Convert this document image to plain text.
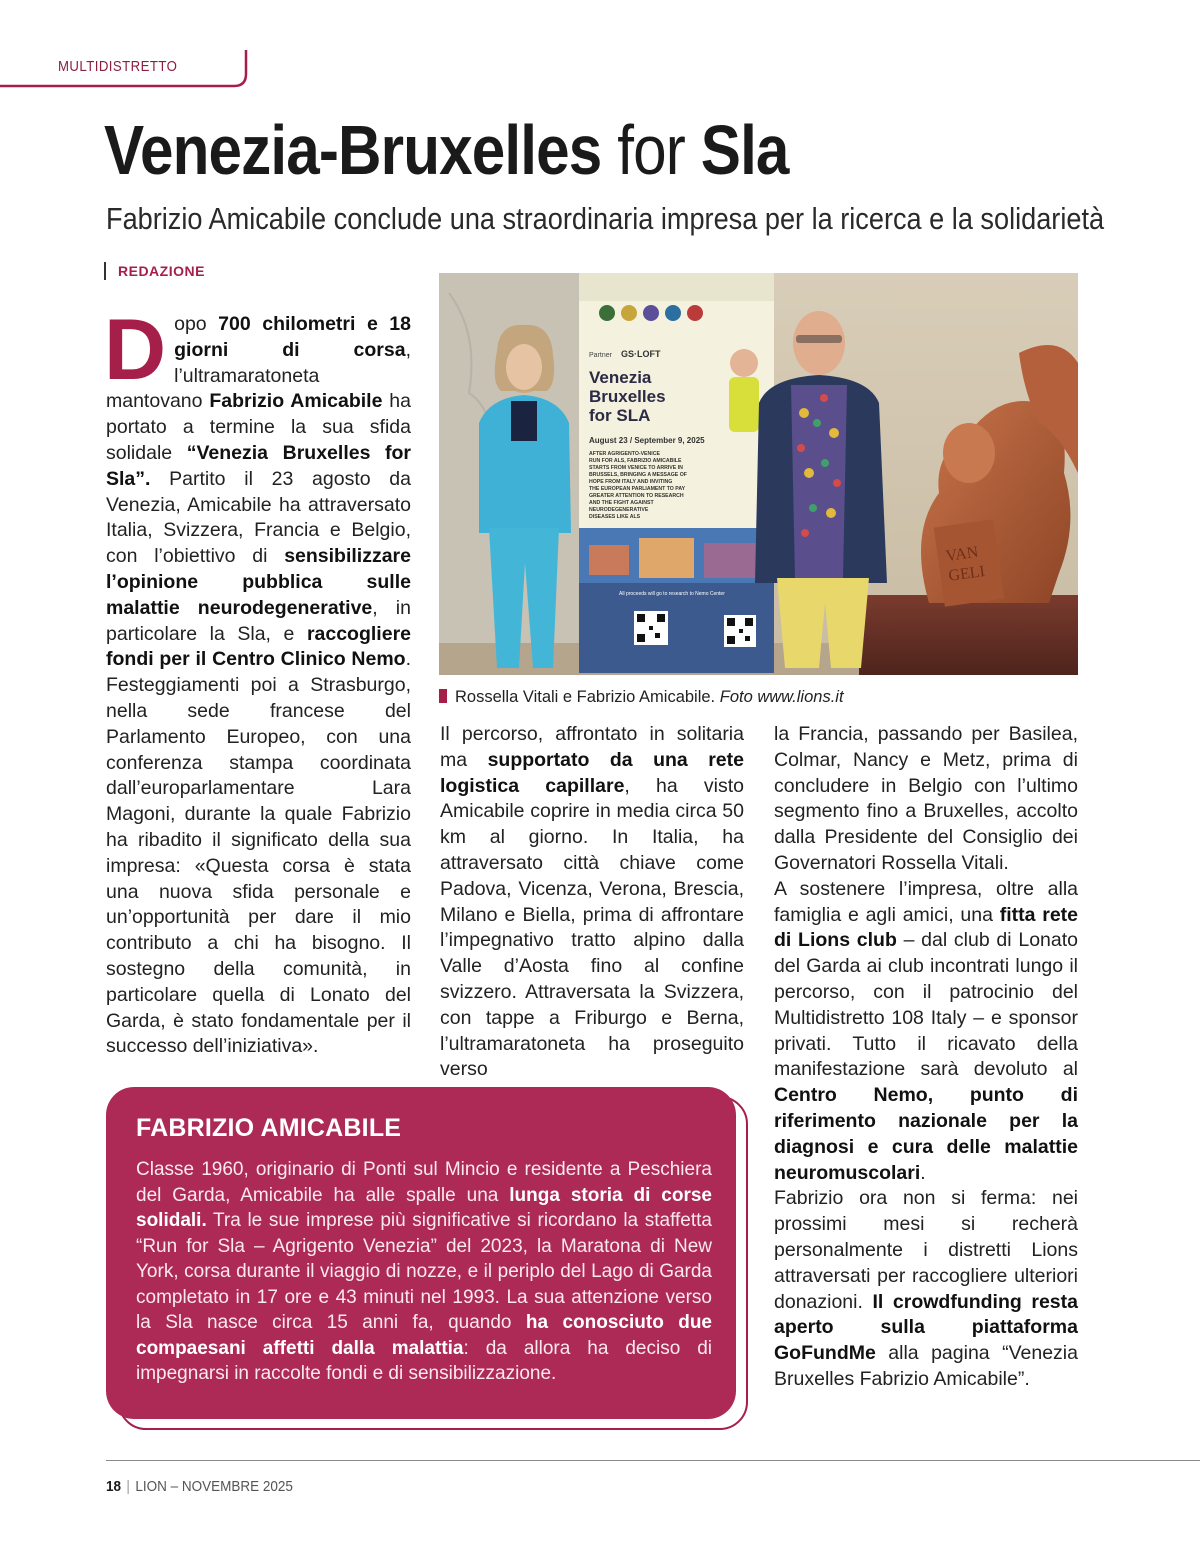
MULTIDISTRETTO
Venezia-Bruxelles for Sla
Fabrizio Amicabile conclude una straordinaria impresa per la ricerca e la solidarietà
REDAZIONE
Dopo 700 chilometri e 18 giorni di corsa, l’ultramaratoneta mantovano Fabrizio Amicabile ha portato a termine la sua sfida solidale “Venezia Bruxelles for Sla”. Partito il 23 agosto da Venezia, Amicabile ha attraversato Italia, Svizzera, Francia e Belgio, con l’obiettivo di sensibilizzare l’opinione pubblica sulle malattie neurodegenerative, in particolare la Sla, e raccogliere fondi per il Centro Clinico Nemo. Festeggiamenti poi a Strasburgo, nella sede francese del Parlamento Europeo, con una conferenza stampa coordinata dall’europarlamentare Lara Magoni, durante la quale Fabrizio ha ribadito il significato della sua impresa: «Questa corsa è stata una nuova sfida personale e un’opportunità per dare il mio contributo a chi ha bisogno. Il sostegno della comunità, in particolare quella di Lonato del Garda, è stato fondamentale per il successo dell’iniziativa».
VAN
GELI
Partner GS·LOFT
Venezia
Bruxelles
for SLA
August 23 / September 9, 2025
AFTER AGRIGENTO-VENICE
RUN FOR ALS, FABRIZIO AMICABILE
STARTS FROM VENICE TO ARRIVE IN
BRUSSELS, BRINGING A MESSAGE OF
HOPE FROM ITALY AND INVITING
THE EUROPEAN PARLIAMENT TO PAY
GREATER ATTENTION TO RESEARCH
AND THE FIGHT AGAINST
NEURODEGENERATIVE
DISEASES LIKE ALS
All proceeds will go to research to Nemo Center
Rossella Vitali e Fabrizio Amicabile. Foto www.lions.it
Il percorso, affrontato in solitaria ma supportato da una rete logistica capillare, ha visto Amicabile coprire in media circa 50 km al giorno. In Italia, ha attraversato città chiave come Padova, Vicenza, Verona, Brescia, Milano e Biella, prima di affrontare l’impegnativo tratto alpino dalla Valle d’Aosta fino al confine svizzero. Attraversata la Svizzera, con tappe a Friburgo e Berna, l’ultramaratoneta ha proseguito verso

la Francia, passando per Basilea, Colmar, Nancy e Metz, prima di concludere in Belgio con l’ultimo segmento fino a Bruxelles, accolto dalla Presidente del Consiglio dei Governatori Rossella Vitali.

A sostenere l’impresa, oltre alla famiglia e agli amici, una fitta rete di Lions club – dal club di Lonato del Garda ai club incontrati lungo il percorso, con il patrocinio del Multidistretto 108 Italy – e sponsor privati. Tutto il ricavato della manifestazione sarà devoluto al Centro Nemo, punto di riferimento nazionale per la diagnosi e cura delle malattie neuromuscolari.

Fabrizio ora non si ferma: nei prossimi mesi si recherà personalmente i distretti Lions attraversati per raccogliere ulteriori donazioni. Il crowdfunding resta aperto sulla piattaforma GoFundMe alla pagina “Venezia Bruxelles Fabrizio Amicabile”.

FABRIZIO AMICABILE
Classe 1960, originario di Ponti sul Mincio e residente a Peschiera del Garda, Amicabile ha alle spalle una lunga storia di corse solidali. Tra le sue imprese più significative si ricordano la staffetta “Run for Sla – Agrigento Venezia” del 2023, la Maratona di New York, corsa durante il viaggio di nozze, e il periplo del Lago di Garda completato in 17 ore e 43 minuti nel 1993. La sua attenzione verso la Sla nasce circa 15 anni fa, quando ha conosciuto due compaesani affetti dalla malattia: da allora ha deciso di impegnarsi in raccolte fondi e di sensibilizzazione.
18 | LION – NOVEMBRE 2025
